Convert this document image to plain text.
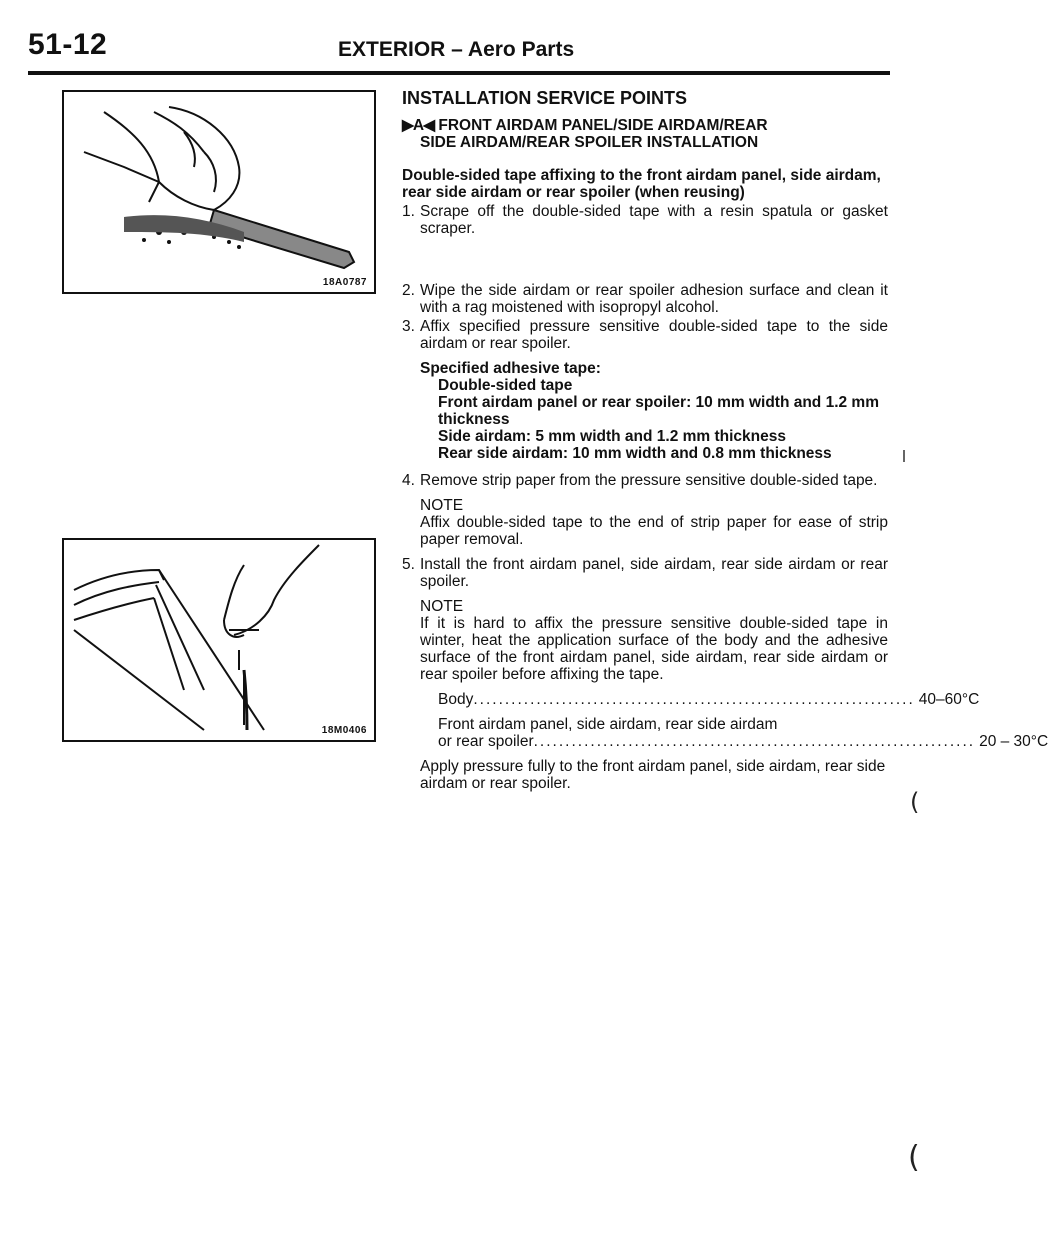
51-12	EXTERIOR – Aero Parts
18A0787
18M0406
INSTALLATION SERVICE POINTS
▶A◀ FRONT AIRDAM PANEL/SIDE AIRDAM/REAR
SIDE AIRDAM/REAR SPOILER INSTALLATION
Double-sided tape affixing to the front airdam panel, side airdam, rear side airdam or rear spoiler (when reusing)
1. Scrape off the double-sided tape with a resin spatula or gasket scraper.
2. Wipe the side airdam or rear spoiler adhesion surface and clean it with a rag moistened with isopropyl alcohol.
3. Affix specified pressure sensitive double-sided tape to the side airdam or rear spoiler.
Specified adhesive tape:
Double-sided tape
Front airdam panel or rear spoiler: 10 mm width and 1.2 mm thickness
Side airdam: 5 mm width and 1.2 mm thickness
Rear side airdam: 10 mm width and 0.8 mm thickness
4. Remove strip paper from the pressure sensitive double-sided tape.
NOTE
Affix double-sided tape to the end of strip paper for ease of strip paper removal.
5. Install the front airdam panel, side airdam, rear side airdam or rear spoiler.
NOTE
If it is hard to affix the pressure sensitive double-sided tape in winter, heat the application surface of the body and the adhesive surface of the front airdam panel, side airdam, rear side airdam or rear spoiler before affixing the tape.
Body ...................................................................... 40–60°C
Front airdam panel, side airdam, rear side airdam
or rear spoiler ...................................................................... 20 – 30°C
Apply pressure fully to the front airdam panel, side airdam, rear side airdam or rear spoiler.
(
(
